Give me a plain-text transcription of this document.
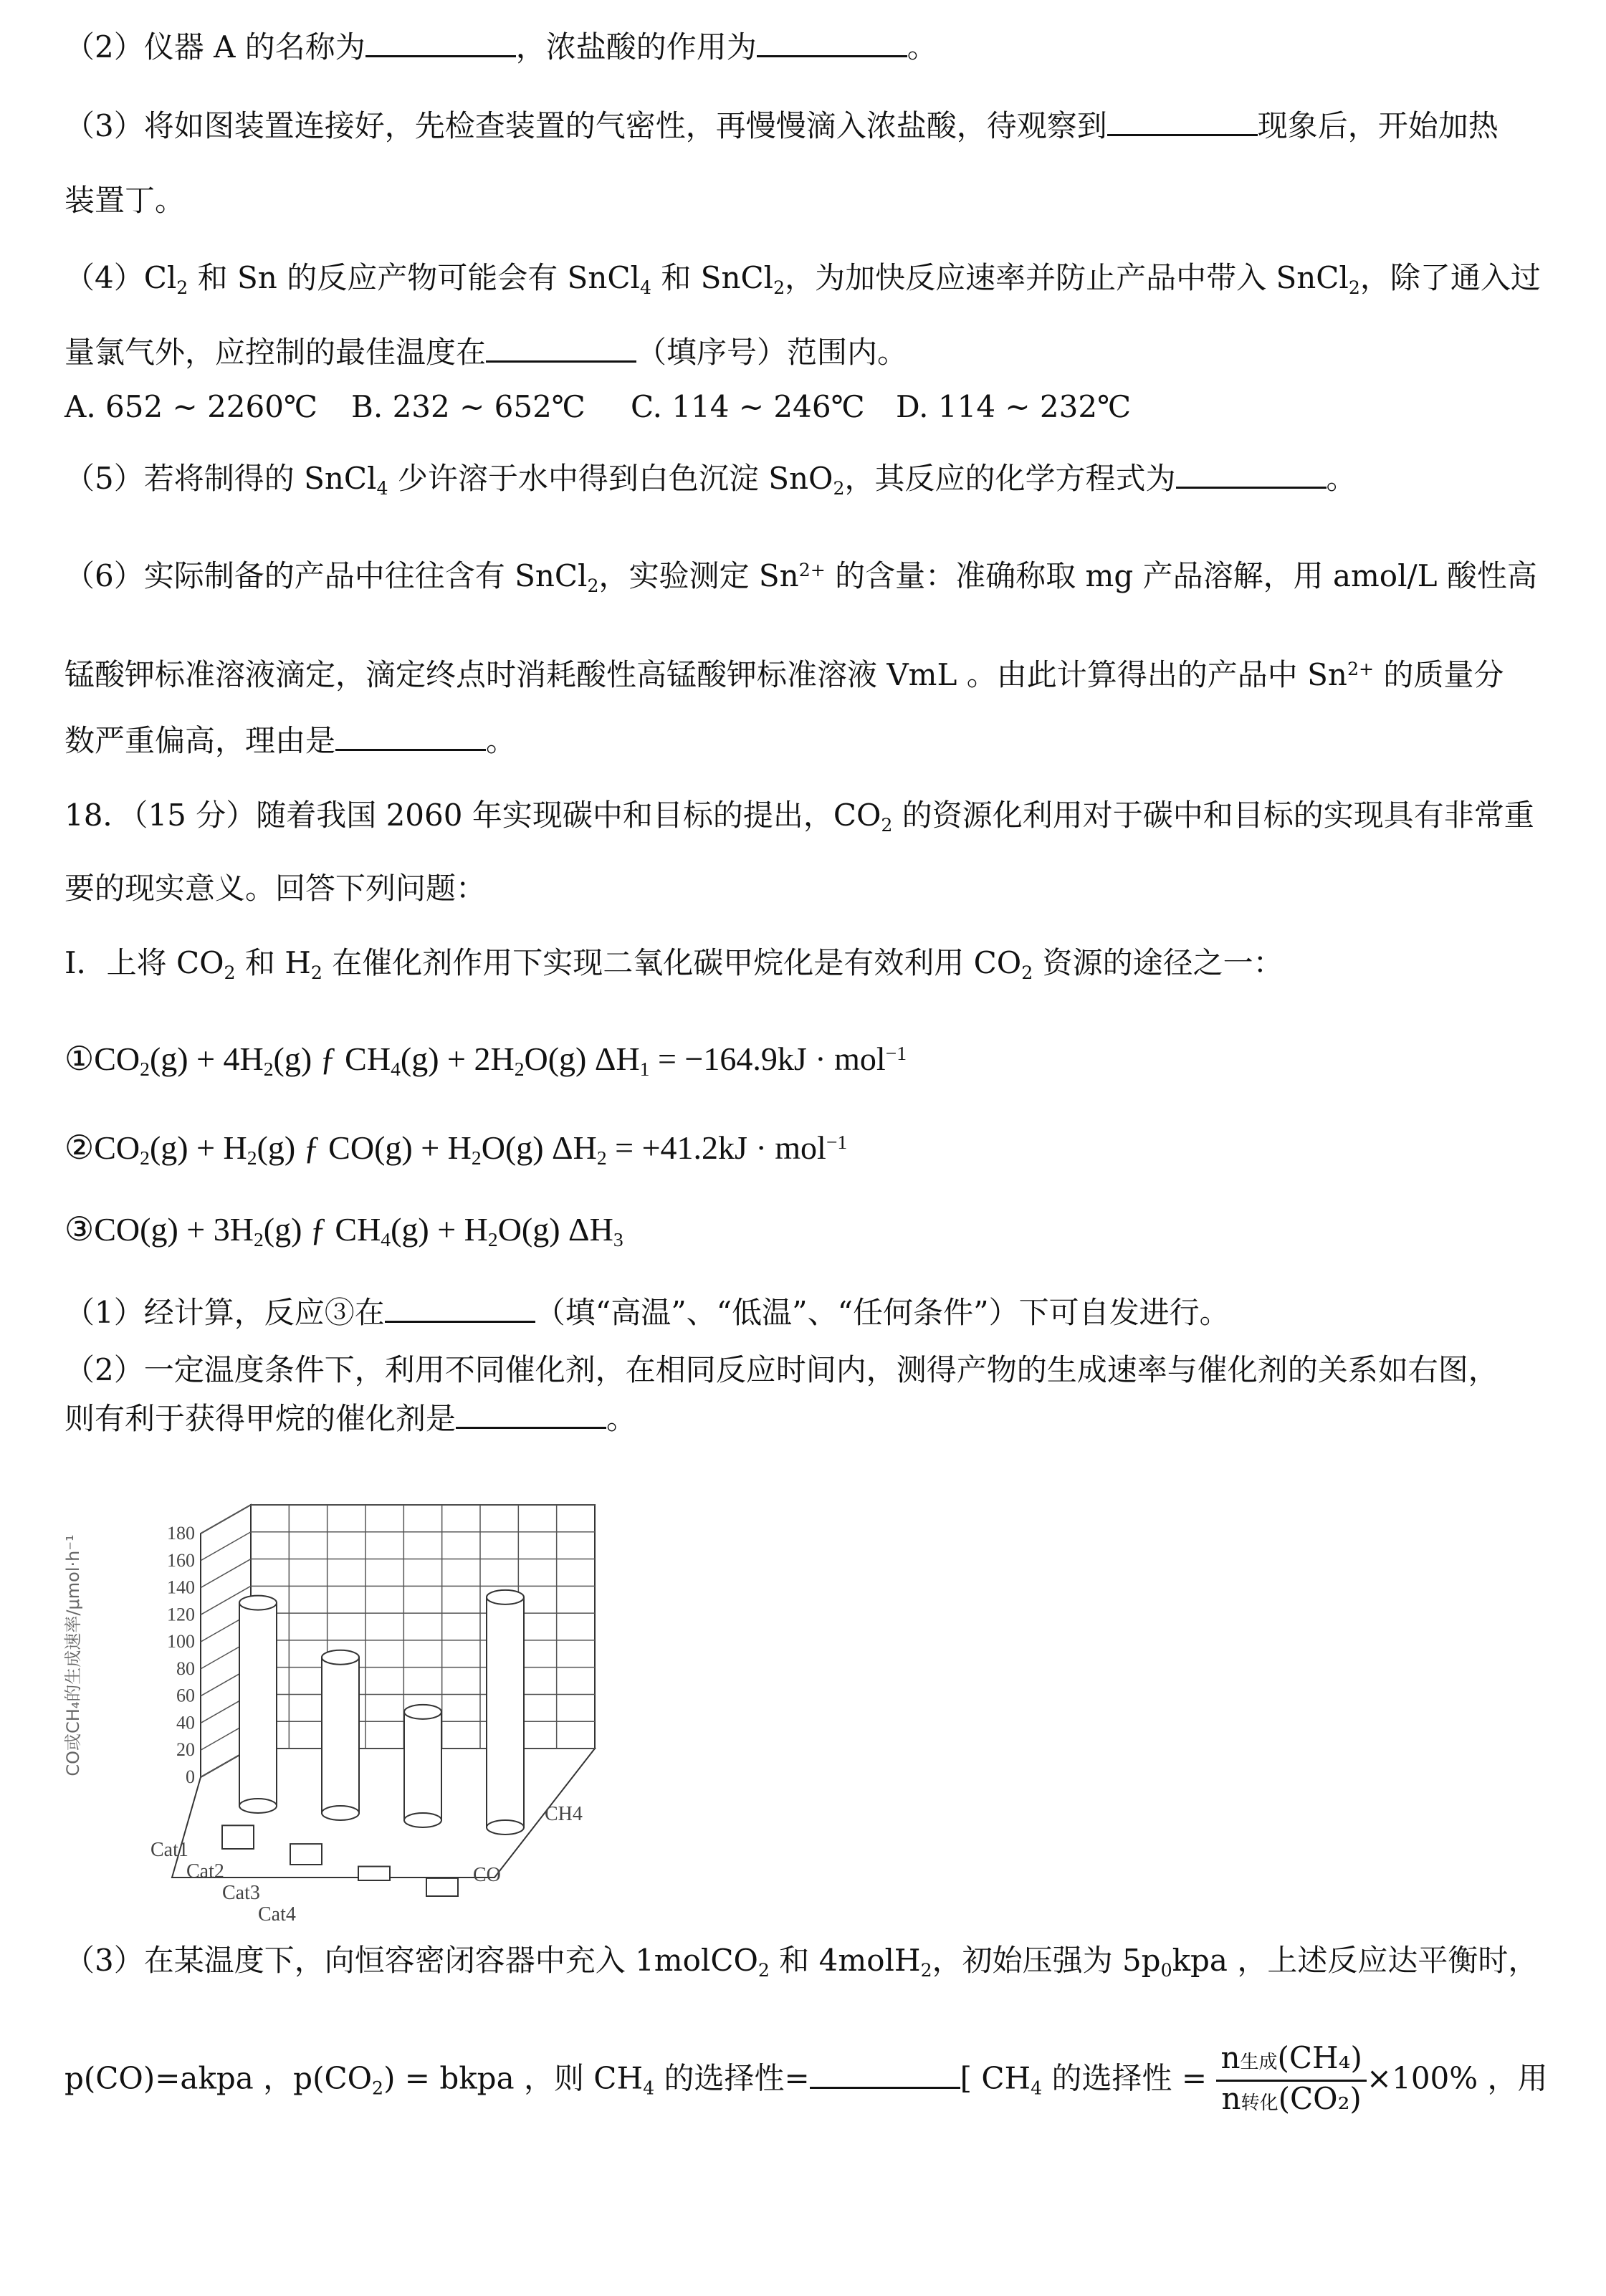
（2）仪器 A 的名称为	，浓盐酸的作用为	。
（3）将如图装置连接好，先检查装置的气密性，再慢慢滴入浓盐酸，待观察到	现象后，开始加热
装置丁。
$(4)Cl_2$ 和 Sn 的反应产物可能会有 SnCl$_4$ 和 SnCl$_2$，为加快反应速率并防止产品中带入 SnCl$_2$，除了通入过
量氯气外，应控制的最佳温度在	（填序号）范围内。
A. 652 ~ 2260℃ B. 232 ~ 652℃ C. 114 ~ 246℃ D. 114 ~ 232℃
（5）若将制得的 SnCl$_4$ 少许溶于水中得到白色沉淀 SnO$_2$，其反应的化学方程式为	。
（6）实际制备的产品中往往含有 SnCl$_2$，实验测定 $Sn^{2+}$ 的含量：准确称取 mg 产品溶解，用 amol/L 酸性高
锰酸钾标准溶液滴定，滴定终点时消耗酸性高锰酸钾标准溶液 VmL 。由此计算得出的产品中 $Sn^{2+}$ 的质量分
数严重偏高，理由是	。
18．（15 分）随着我国 2060 年实现碳中和目标的提出，$CO_2$ 的资源化利用对于碳中和目标的实现具有非常重
要的现实意义。回答下列问题：
Ⅰ．上将 $CO_2$ 和 $H_2$ 在催化剂作用下实现二氧化碳甲烷化是有效利用 $CO_2$ 资源的途径之一：
$①CO_2(g) + 4H_2(g)$ ƒ $CH_4(g) + 2H_2O(g) \Delta H_1 = -164.9kJ \cdot mol^{-1}$
$②CO_2(g) + H_2(g)$ ƒ $CO(g) + H_2O(g) \Delta H_2 = +41.2kJ \cdot mol^{-1}$
③CO(g) + $3H_2(g)$ ƒ $CH_4(g) + H_2O(g)$ $\Delta H_3$
（1）经计算，反应③在	（填“高温”、“低温”、“任何条件”）下可自发进行。
（2）一定温度条件下，利用不同催化剂，在相同反应时间内，测得产物的生成速率与催化剂的关系如右图，
则有利于获得甲烷的催化剂是	。
180
160
140
120
100
80
60
40
20
0
CO或CH₄的生成速率/μmol·h⁻¹
Cat1
Cat2
Cat3
Cat4
CH4
CO
（3）在某温度下，向恒容密闭容器中充入 1molCO$_2$ 和 4molH$_2$，初始压强为 $5p_0kpa$ ，上述反应达平衡时，
p(CO)=akpa ，$p(CO_2)$ = bkpa ，则 $CH_4$ 的选择性=	[ $CH_4$ 的选择性 = $\frac{\text{n生成(CH₄)}}{\text{n转化(CO₂)}} \times 100\%$ ，用
